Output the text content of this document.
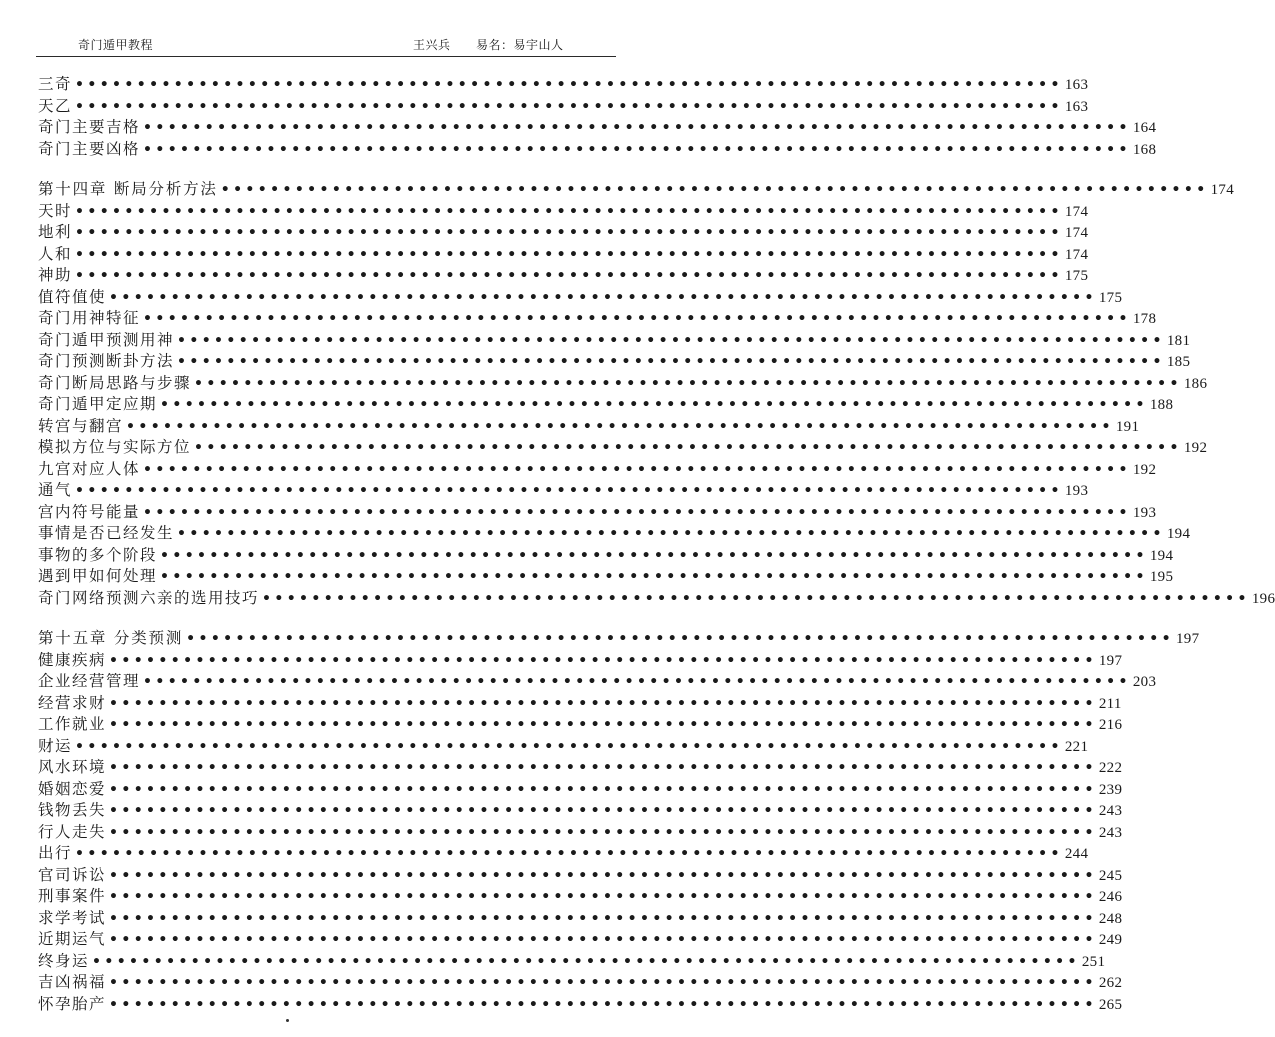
奇门遁甲教程	王兴兵 易名：易宇山人
三奇 •••••••••••••••••••••••••••••••••••••••••••••••••••••••••••••••••••••••••••••••• 163
天乙 •••••••••••••••••••••••••••••••••••••••••••••••••••••••••••••••••••••••••••••••• 163
奇门主要吉格 •••••••••••••••••••••••••••••••••••••••••••••••••••••••••••••••••••••••••••••••• 164
奇门主要凶格 •••••••••••••••••••••••••••••••••••••••••••••••••••••••••••••••••••••••••••••••• 168
第十四章 断局分析方法 •••••••••••••••••••••••••••••••••••••••••••••••••••••••••••••••••••••••••••••••• 174
天时 •••••••••••••••••••••••••••••••••••••••••••••••••••••••••••••••••••••••••••••••• 174
地利 •••••••••••••••••••••••••••••••••••••••••••••••••••••••••••••••••••••••••••••••• 174
人和 •••••••••••••••••••••••••••••••••••••••••••••••••••••••••••••••••••••••••••••••• 174
神助 •••••••••••••••••••••••••••••••••••••••••••••••••••••••••••••••••••••••••••••••• 175
值符值使 •••••••••••••••••••••••••••••••••••••••••••••••••••••••••••••••••••••••••••••••• 175
奇门用神特征 •••••••••••••••••••••••••••••••••••••••••••••••••••••••••••••••••••••••••••••••• 178
奇门遁甲预测用神 •••••••••••••••••••••••••••••••••••••••••••••••••••••••••••••••••••••••••••••••• 181
奇门预测断卦方法 •••••••••••••••••••••••••••••••••••••••••••••••••••••••••••••••••••••••••••••••• 185
奇门断局思路与步骤 •••••••••••••••••••••••••••••••••••••••••••••••••••••••••••••••••••••••••••••••• 186
奇门遁甲定应期 •••••••••••••••••••••••••••••••••••••••••••••••••••••••••••••••••••••••••••••••• 188
转宫与翻宫 •••••••••••••••••••••••••••••••••••••••••••••••••••••••••••••••••••••••••••••••• 191
模拟方位与实际方位 •••••••••••••••••••••••••••••••••••••••••••••••••••••••••••••••••••••••••••••••• 192
九宫对应人体 •••••••••••••••••••••••••••••••••••••••••••••••••••••••••••••••••••••••••••••••• 192
通气 •••••••••••••••••••••••••••••••••••••••••••••••••••••••••••••••••••••••••••••••• 193
宫内符号能量 •••••••••••••••••••••••••••••••••••••••••••••••••••••••••••••••••••••••••••••••• 193
事情是否已经发生 •••••••••••••••••••••••••••••••••••••••••••••••••••••••••••••••••••••••••••••••• 194
事物的多个阶段 •••••••••••••••••••••••••••••••••••••••••••••••••••••••••••••••••••••••••••••••• 194
遇到甲如何处理 •••••••••••••••••••••••••••••••••••••••••••••••••••••••••••••••••••••••••••••••• 195
奇门网络预测六亲的选用技巧 •••••••••••••••••••••••••••••••••••••••••••••••••••••••••••••••••••••••••••••••• 196
第十五章 分类预测 •••••••••••••••••••••••••••••••••••••••••••••••••••••••••••••••••••••••••••••••• 197
健康疾病 •••••••••••••••••••••••••••••••••••••••••••••••••••••••••••••••••••••••••••••••• 197
企业经营管理 •••••••••••••••••••••••••••••••••••••••••••••••••••••••••••••••••••••••••••••••• 203
经营求财 •••••••••••••••••••••••••••••••••••••••••••••••••••••••••••••••••••••••••••••••• 211
工作就业 •••••••••••••••••••••••••••••••••••••••••••••••••••••••••••••••••••••••••••••••• 216
财运 •••••••••••••••••••••••••••••••••••••••••••••••••••••••••••••••••••••••••••••••• 221
风水环境 •••••••••••••••••••••••••••••••••••••••••••••••••••••••••••••••••••••••••••••••• 222
婚姻恋爱 •••••••••••••••••••••••••••••••••••••••••••••••••••••••••••••••••••••••••••••••• 239
钱物丢失 •••••••••••••••••••••••••••••••••••••••••••••••••••••••••••••••••••••••••••••••• 243
行人走失 •••••••••••••••••••••••••••••••••••••••••••••••••••••••••••••••••••••••••••••••• 243
出行 •••••••••••••••••••••••••••••••••••••••••••••••••••••••••••••••••••••••••••••••• 244
官司诉讼 •••••••••••••••••••••••••••••••••••••••••••••••••••••••••••••••••••••••••••••••• 245
刑事案件 •••••••••••••••••••••••••••••••••••••••••••••••••••••••••••••••••••••••••••••••• 246
求学考试 •••••••••••••••••••••••••••••••••••••••••••••••••••••••••••••••••••••••••••••••• 248
近期运气 •••••••••••••••••••••••••••••••••••••••••••••••••••••••••••••••••••••••••••••••• 249
终身运 •••••••••••••••••••••••••••••••••••••••••••••••••••••••••••••••••••••••••••••••• 251
吉凶祸福 •••••••••••••••••••••••••••••••••••••••••••••••••••••••••••••••••••••••••••••••• 262
怀孕胎产 •••••••••••••••••••••••••••••••••••••••••••••••••••••••••••••••••••••••••••••••• 265
